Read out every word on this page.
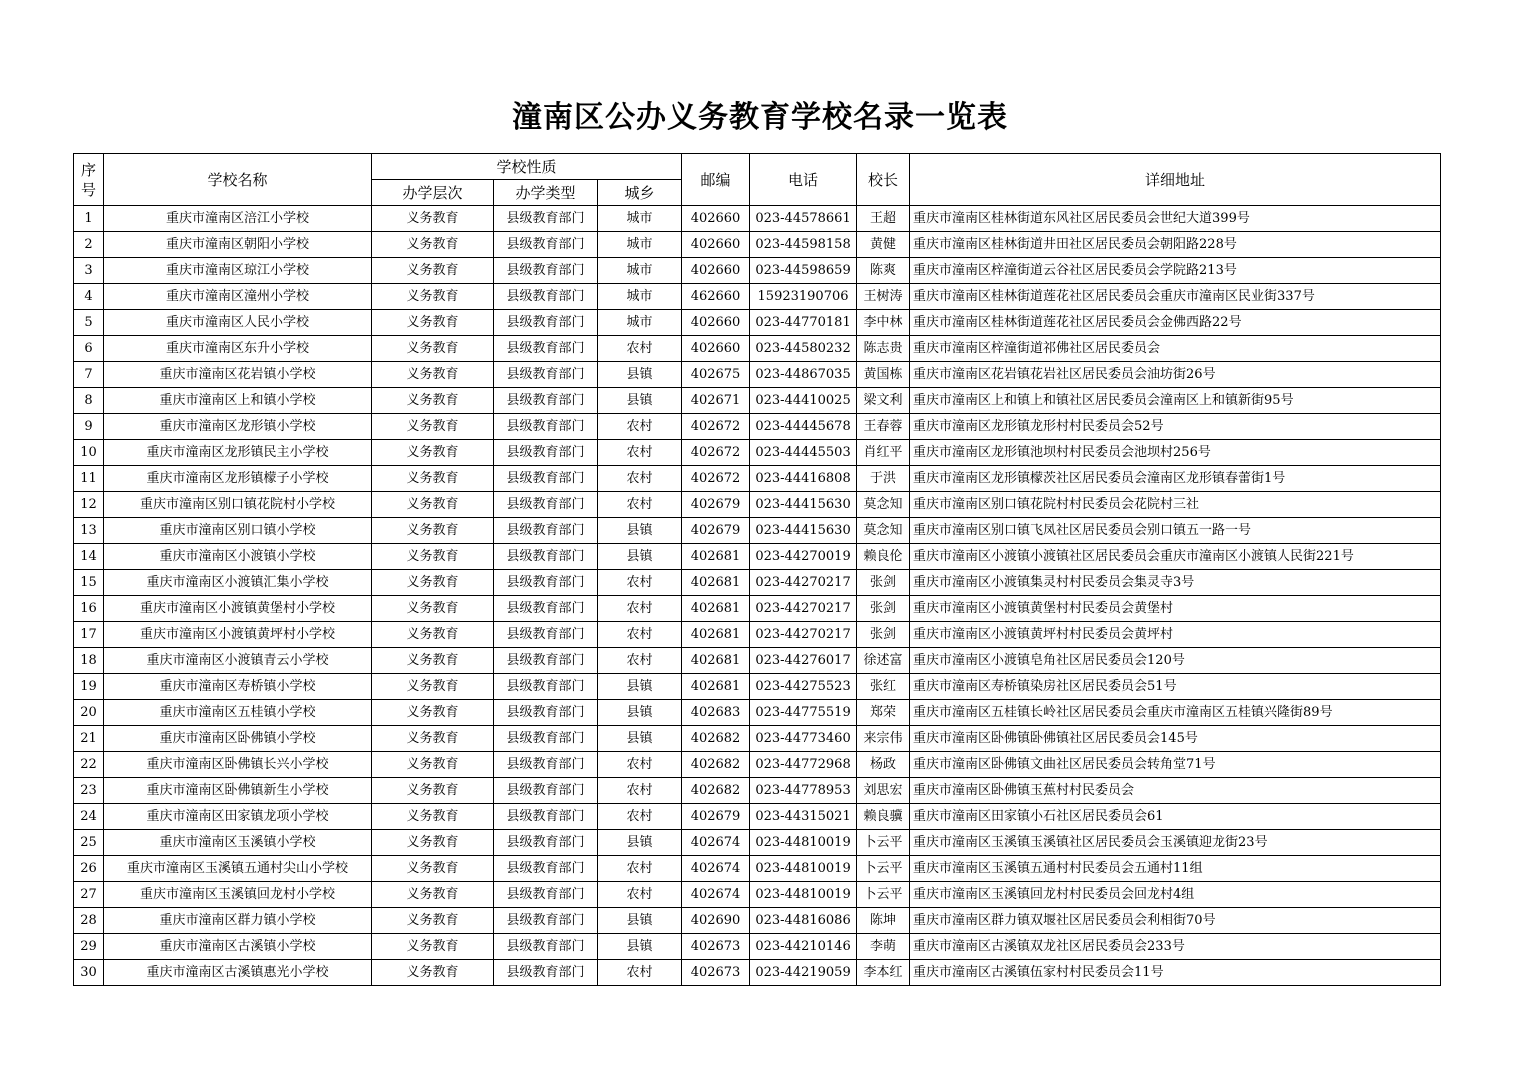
潼南区公办义务教育学校名录一览表
序号	学校名称	学校性质			邮编	电话	校长	详细地址
		办学层次	办学类型	城乡				
1	重庆市潼南区涪江小学校	义务教育	县级教育部门	城市	402660	023-44578661	王超	重庆市潼南区桂林街道东风社区居民委员会世纪大道399号
2	重庆市潼南区朝阳小学校	义务教育	县级教育部门	城市	402660	023-44598158	黄健	重庆市潼南区桂林街道井田社区居民委员会朝阳路228号
3	重庆市潼南区琼江小学校	义务教育	县级教育部门	城市	402660	023-44598659	陈爽	重庆市潼南区梓潼街道云谷社区居民委员会学院路213号
4	重庆市潼南区潼州小学校	义务教育	县级教育部门	城市	462660	15923190706	王树涛	重庆市潼南区桂林街道莲花社区居民委员会重庆市潼南区民业街337号
5	重庆市潼南区人民小学校	义务教育	县级教育部门	城市	402660	023-44770181	李中林	重庆市潼南区桂林街道莲花社区居民委员会金佛西路22号
6	重庆市潼南区东升小学校	义务教育	县级教育部门	农村	402660	023-44580232	陈志贵	重庆市潼南区梓潼街道祁佛社区居民委员会
7	重庆市潼南区花岩镇小学校	义务教育	县级教育部门	县镇	402675	023-44867035	黄国栋	重庆市潼南区花岩镇花岩社区居民委员会油坊街26号
8	重庆市潼南区上和镇小学校	义务教育	县级教育部门	县镇	402671	023-44410025	梁文利	重庆市潼南区上和镇上和镇社区居民委员会潼南区上和镇新街95号
9	重庆市潼南区龙形镇小学校	义务教育	县级教育部门	农村	402672	023-44445678	王春蓉	重庆市潼南区龙形镇龙形村村民委员会52号
10	重庆市潼南区龙形镇民主小学校	义务教育	县级教育部门	农村	402672	023-44445503	肖红平	重庆市潼南区龙形镇池坝村村民委员会池坝村256号
11	重庆市潼南区龙形镇檬子小学校	义务教育	县级教育部门	农村	402672	023-44416808	于洪	重庆市潼南区龙形镇檬茨社区居民委员会潼南区龙形镇春蕾街1号
12	重庆市潼南区别口镇花院村小学校	义务教育	县级教育部门	农村	402679	023-44415630	莫念知	重庆市潼南区别口镇花院村村民委员会花院村三社
13	重庆市潼南区别口镇小学校	义务教育	县级教育部门	县镇	402679	023-44415630	莫念知	重庆市潼南区别口镇飞凤社区居民委员会别口镇五一路一号
14	重庆市潼南区小渡镇小学校	义务教育	县级教育部门	县镇	402681	023-44270019	赖良伦	重庆市潼南区小渡镇小渡镇社区居民委员会重庆市潼南区小渡镇人民街221号
15	重庆市潼南区小渡镇汇集小学校	义务教育	县级教育部门	农村	402681	023-44270217	张剑	重庆市潼南区小渡镇集灵村村民委员会集灵寺3号
16	重庆市潼南区小渡镇黄堡村小学校	义务教育	县级教育部门	农村	402681	023-44270217	张剑	重庆市潼南区小渡镇黄堡村村民委员会黄堡村
17	重庆市潼南区小渡镇黄坪村小学校	义务教育	县级教育部门	农村	402681	023-44270217	张剑	重庆市潼南区小渡镇黄坪村村民委员会黄坪村
18	重庆市潼南区小渡镇青云小学校	义务教育	县级教育部门	农村	402681	023-44276017	徐述富	重庆市潼南区小渡镇皂角社区居民委员会120号
19	重庆市潼南区寿桥镇小学校	义务教育	县级教育部门	县镇	402681	023-44275523	张红	重庆市潼南区寿桥镇染房社区居民委员会51号
20	重庆市潼南区五桂镇小学校	义务教育	县级教育部门	县镇	402683	023-44775519	郑荣	重庆市潼南区五桂镇长岭社区居民委员会重庆市潼南区五桂镇兴隆街89号
21	重庆市潼南区卧佛镇小学校	义务教育	县级教育部门	县镇	402682	023-44773460	来宗伟	重庆市潼南区卧佛镇卧佛镇社区居民委员会145号
22	重庆市潼南区卧佛镇长兴小学校	义务教育	县级教育部门	农村	402682	023-44772968	杨政	重庆市潼南区卧佛镇文曲社区居民委员会转角堂71号
23	重庆市潼南区卧佛镇新生小学校	义务教育	县级教育部门	农村	402682	023-44778953	刘思宏	重庆市潼南区卧佛镇玉蕉村村民委员会
24	重庆市潼南区田家镇龙项小学校	义务教育	县级教育部门	农村	402679	023-44315021	赖良骥	重庆市潼南区田家镇小石社区居民委员会61
25	重庆市潼南区玉溪镇小学校	义务教育	县级教育部门	县镇	402674	023-44810019	卜云平	重庆市潼南区玉溪镇玉溪镇社区居民委员会玉溪镇迎龙街23号
26	重庆市潼南区玉溪镇五通村尖山小学校	义务教育	县级教育部门	农村	402674	023-44810019	卜云平	重庆市潼南区玉溪镇五通村村民委员会五通村11组
27	重庆市潼南区玉溪镇回龙村小学校	义务教育	县级教育部门	农村	402674	023-44810019	卜云平	重庆市潼南区玉溪镇回龙村村民委员会回龙村4组
28	重庆市潼南区群力镇小学校	义务教育	县级教育部门	县镇	402690	023-44816086	陈坤	重庆市潼南区群力镇双堰社区居民委员会利相街70号
29	重庆市潼南区古溪镇小学校	义务教育	县级教育部门	县镇	402673	023-44210146	李萌	重庆市潼南区古溪镇双龙社区居民委员会233号
30	重庆市潼南区古溪镇惠光小学校	义务教育	县级教育部门	农村	402673	023-44219059	李本红	重庆市潼南区古溪镇伍家村村民委员会11号
